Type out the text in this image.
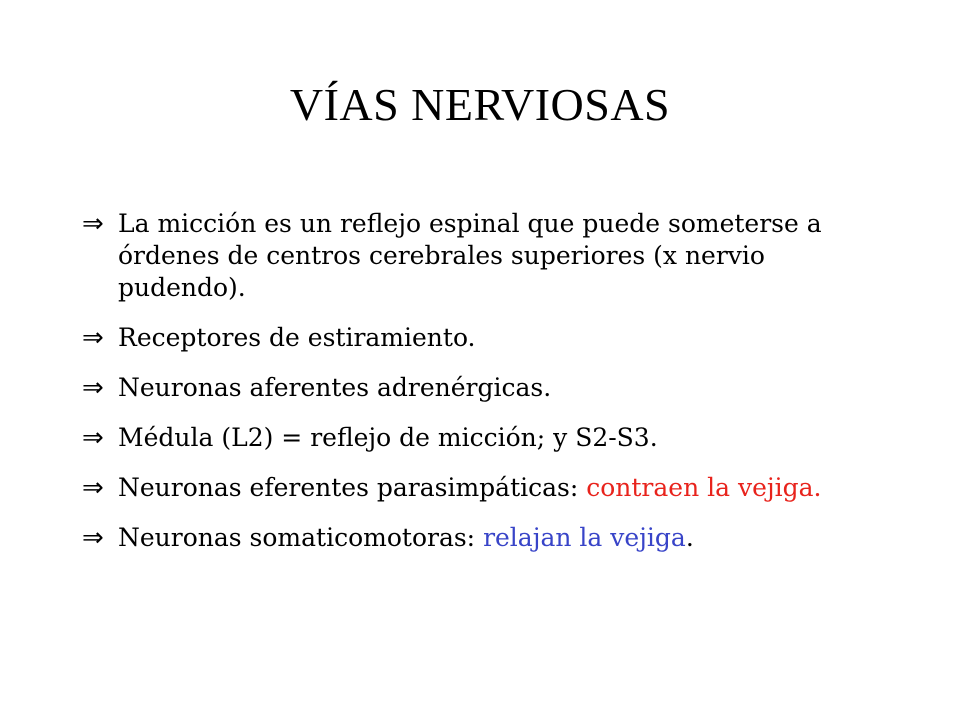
VÍAS NERVIOSAS
⇒ La micción es un reflejo espinal que puede someterse a órdenes de centros cerebrales superiores (x nervio pudendo).
⇒ Receptores de estiramiento.
⇒ Neuronas aferentes adrenérgicas.
⇒ Médula (L2) = reflejo de micción; y S2-S3.
⇒ Neuronas eferentes parasimpáticas: contraen la vejiga.
⇒ Neuronas somaticomotoras: relajan la vejiga.
